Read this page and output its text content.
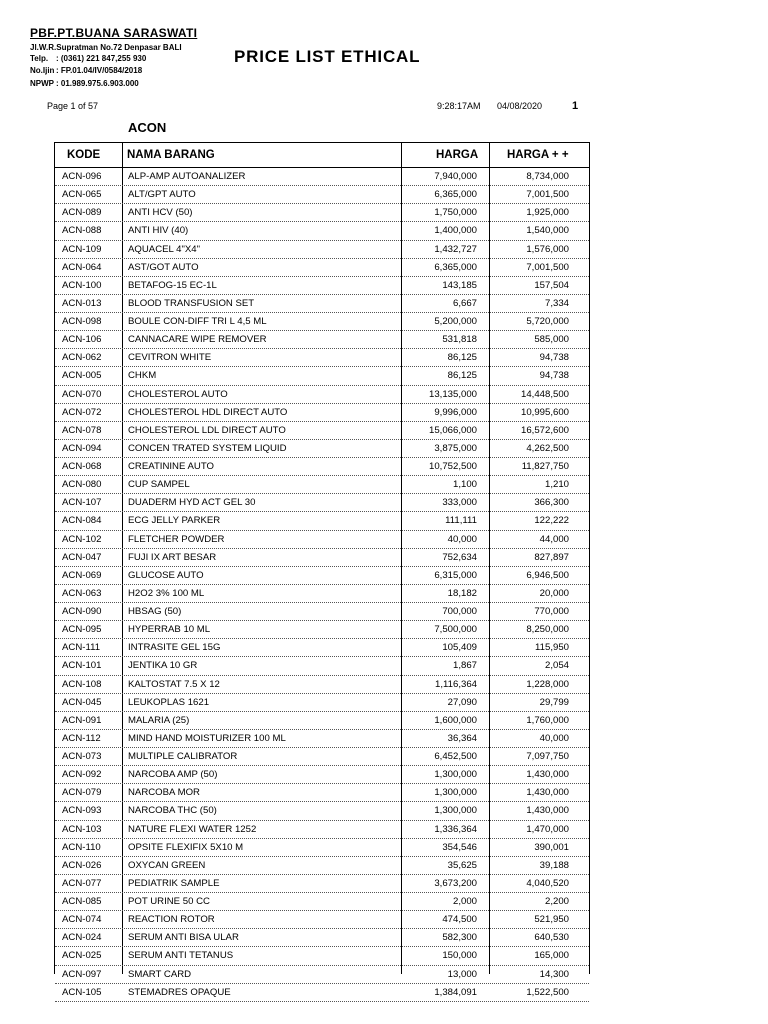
PBF.PT.BUANA SARASWATI
Jl.W.R.Supratman No.72 Denpasar BALI
Telp. : (0361) 221 847,255 930
No.Ijin : FP.01.04/IV/0584/2018
NPWP : 01.989.975.6.903.000
PRICE LIST ETHICAL
Page 1 of 57	9:28:17AM 04/08/2020	1
ACON
KODE NAMA BARANG	HARGA	HARGA + +
ACN-096	ALP-AMP AUTOANALIZER	7,940,000	8,734,000
ACN-065	ALT/GPT AUTO	6,365,000	7,001,500
ACN-089	ANTI HCV (50)	1,750,000	1,925,000
ACN-088	ANTI HIV (40)	1,400,000	1,540,000
ACN-109	AQUACEL 4"X4"	1,432,727	1,576,000
ACN-064	AST/GOT AUTO	6,365,000	7,001,500
ACN-100	BETAFOG-15 EC-1L	143,185	157,504
ACN-013	BLOOD TRANSFUSION SET	6,667	7,334
ACN-098	BOULE CON-DIFF TRI L 4,5 ML	5,200,000	5,720,000
ACN-106	CANNACARE WIPE REMOVER	531,818	585,000
ACN-062	CEVITRON WHITE	86,125	94,738
ACN-005	CHKM	86,125	94,738
ACN-070	CHOLESTEROL AUTO	13,135,000	14,448,500
ACN-072	CHOLESTEROL HDL DIRECT AUTO	9,996,000	10,995,600
ACN-078	CHOLESTEROL LDL DIRECT AUTO	15,066,000	16,572,600
ACN-094	CONCEN TRATED SYSTEM LIQUID	3,875,000	4,262,500
ACN-068	CREATININE AUTO	10,752,500	11,827,750
ACN-080	CUP SAMPEL	1,100	1,210
ACN-107	DUADERM HYD ACT GEL 30	333,000	366,300
ACN-084	ECG JELLY PARKER	111,111	122,222
ACN-102	FLETCHER POWDER	40,000	44,000
ACN-047	FUJI IX ART BESAR	752,634	827,897
ACN-069	GLUCOSE AUTO	6,315,000	6,946,500
ACN-063	H2O2 3% 100 ML	18,182	20,000
ACN-090	HBSAG (50)	700,000	770,000
ACN-095	HYPERRAB 10 ML	7,500,000	8,250,000
ACN-111	INTRASITE GEL 15G	105,409	115,950
ACN-101	JENTIKA 10 GR	1,867	2,054
ACN-108	KALTOSTAT 7.5 X 12	1,116,364	1,228,000
ACN-045	LEUKOPLAS 1621	27,090	29,799
ACN-091	MALARIA (25)	1,600,000	1,760,000
ACN-112	MIND HAND MOISTURIZER 100 ML	36,364	40,000
ACN-073	MULTIPLE CALIBRATOR	6,452,500	7,097,750
ACN-092	NARCOBA AMP (50)	1,300,000	1,430,000
ACN-079	NARCOBA MOR	1,300,000	1,430,000
ACN-093	NARCOBA THC (50)	1,300,000	1,430,000
ACN-103	NATURE FLEXI WATER 1252	1,336,364	1,470,000
ACN-110	OPSITE FLEXIFIX 5X10 M	354,546	390,001
ACN-026	OXYCAN GREEN	35,625	39,188
ACN-077	PEDIATRIK SAMPLE	3,673,200	4,040,520
ACN-085	POT URINE 50 CC	2,000	2,200
ACN-074	REACTION ROTOR	474,500	521,950
ACN-024	SERUM ANTI BISA ULAR	582,300	640,530
ACN-025	SERUM ANTI TETANUS	150,000	165,000
ACN-097	SMART CARD	13,000	14,300
ACN-105	STEMADRES OPAQUE	1,384,091	1,522,500
